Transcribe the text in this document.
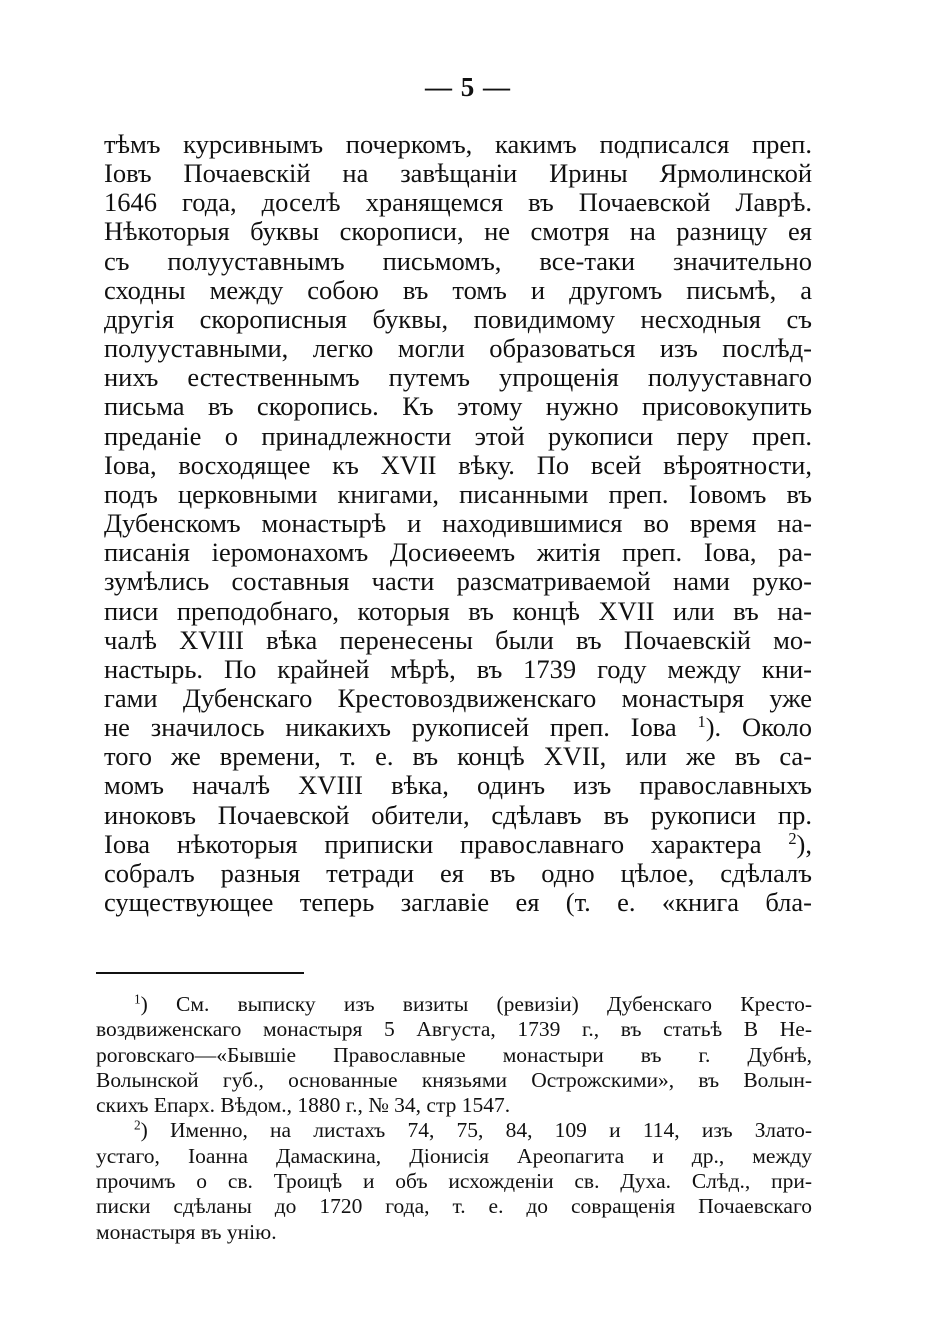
— 5 —
тѣмъ курсивнымъ почеркомъ, какимъ подписался преп.
Іовъ Почаевскій на завѣщаніи Ирины Ярмолинской
1646 года, доселѣ хранящемся въ Почаевской Лаврѣ.
Нѣкоторыя буквы скорописи, не смотря на разницу ея
съ полууставнымъ письмомъ, все-таки значительно
сходны между собою въ томъ и другомъ письмѣ, а
другія скорописныя буквы, повидимому несходныя съ
полууставными, легко могли образоваться изъ послѣд-
нихъ естественнымъ путемъ упрощенія полууставнаго
письма въ скоропись. Къ этому нужно присовокупить
преданіе о принадлежности этой рукописи перу преп.
Іова, восходящее къ XVII вѣку. По всей вѣроятности,
подъ церковными книгами, писанными преп. Іовомъ въ
Дубенскомъ монастырѣ и находившимися во время на-
писанія іеромонахомъ Досиѳеемъ житія преп. Іова, ра-
зумѣлись составныя части разсматриваемой нами руко-
писи преподобнаго, которыя въ концѣ XVII или въ на-
чалѣ XVIII вѣка перенесены были въ Почаевскій мо-
настырь. По крайней мѣрѣ, въ 1739 году между кни-
гами Дубенскаго Крестовоздвиженскаго монастыря уже
не значилось никакихъ рукописей преп. Іова $^1$). Около
того же времени, т. е. въ концѣ XVII, или же въ са-
момъ началѣ XVIII вѣка, одинъ изъ православныхъ
иноковъ Почаевской обители, сдѣлавъ въ рукописи пр.
Іова нѣкоторыя приписки православнаго характера $^2$),
собралъ разныя тетради ея въ одно цѣлое, сдѣлалъ
существующее теперь заглавіе ея (т. е. «книга бла-
$^1$) См. выписку изъ визиты (ревизіи) Дубенскаго Кресто-
воздвиженскаго монастыря 5 Августа, 1739 г., въ статьѣ В Не-
роговскаго—«Бывшіе Православные монастыри въ г. Дубнѣ,
Волынской губ., основанные князьями Острожскими», въ Волын-
скихъ Епарх. Вѣдом., 1880 г., № 34, стр 1547.
$^2$) Именно, на листахъ 74, 75, 84, 109 и 114, изъ Злато-
устаго, Іоанна Дамаскина, Діонисія Ареопагита и др., между
прочимъ о св. Троицѣ и объ исхожденіи св. Духа. Слѣд., при-
писки сдѣланы до 1720 года, т. е. до совращенія Почаевскаго
монастыря въ унію.
